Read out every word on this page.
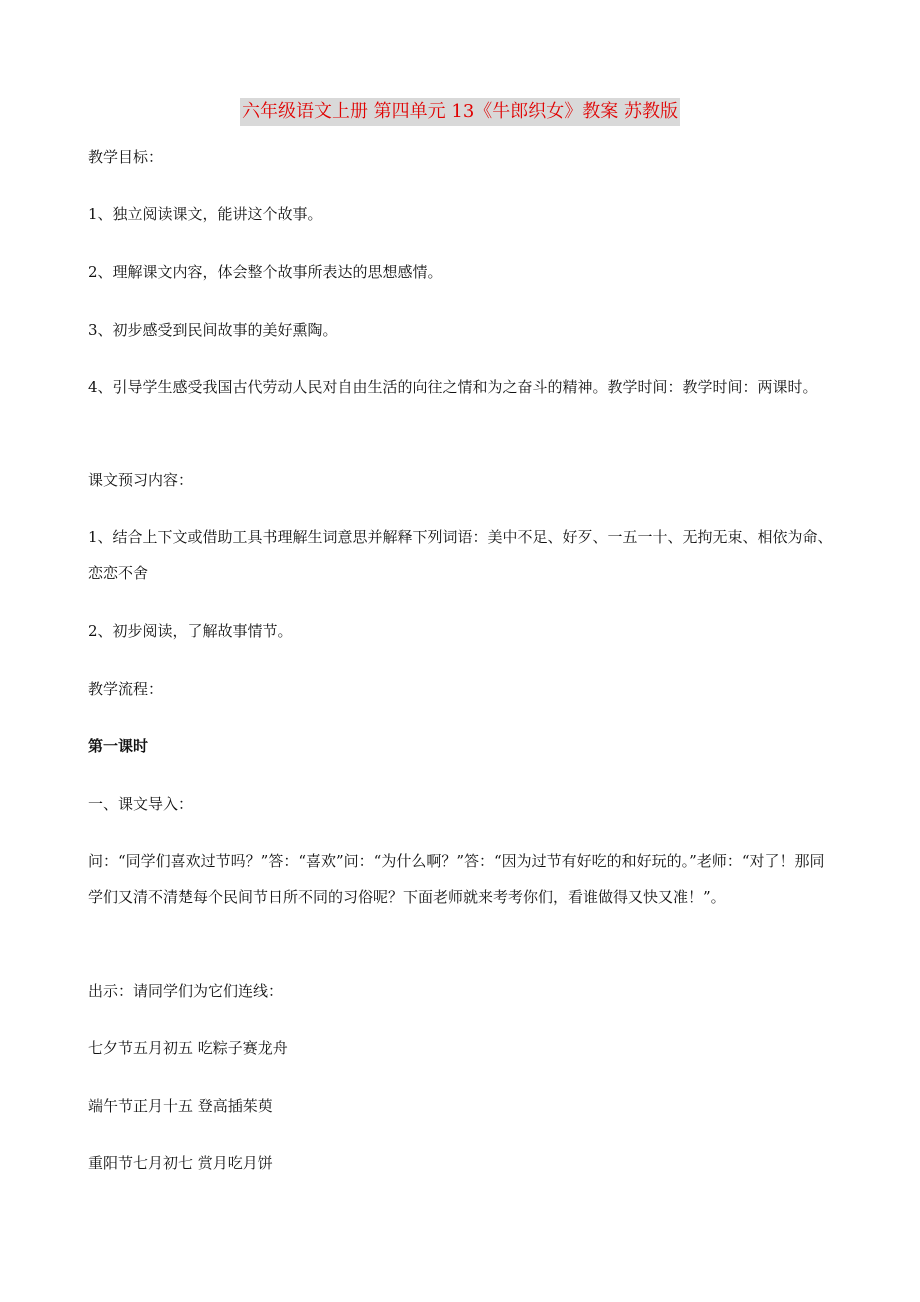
六年级语文上册 第四单元 13《牛郎织女》教案 苏教版

教学目标：

1、独立阅读课文，能讲这个故事。

2、理解课文内容，体会整个故事所表达的思想感情。

3、初步感受到民间故事的美好熏陶。

4、引导学生感受我国古代劳动人民对自由生活的向往之情和为之奋斗的精神。教学时间：教学时间：两课时。

课文预习内容：

1、结合上下文或借助工具书理解生词意思并解释下列词语：美中不足、好歹、一五一十、无拘无束、相依为命、恋恋不舍

2、初步阅读，了解故事情节。

教学流程：

第一课时

一、课文导入：

问：“同学们喜欢过节吗？”答：“喜欢”问：“为什么啊？”答：“因为过节有好吃的和好玩的。”老师：“对了！那同学们又清不清楚每个民间节日所不同的习俗呢？下面老师就来考考你们，看谁做得又快又准！”。

出示：请同学们为它们连线：

七夕节五月初五 吃粽子赛龙舟

端午节正月十五 登高插茱萸

重阳节七月初七 赏月吃月饼
